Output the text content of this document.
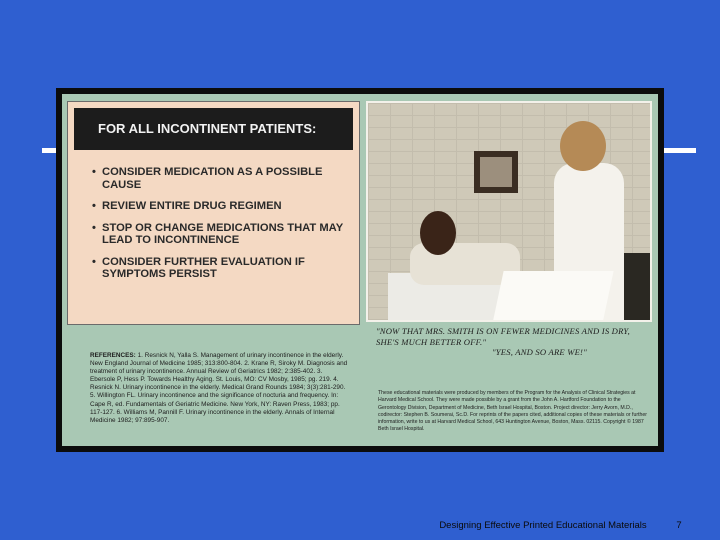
FOR ALL INCONTINENT PATIENTS:
• CONSIDER MEDICATION AS A POSSIBLE CAUSE
• REVIEW ENTIRE DRUG REGIMEN
• STOP OR CHANGE MEDICATIONS THAT MAY LEAD TO INCONTINENCE
• CONSIDER FURTHER EVALUATION IF SYMPTOMS PERSIST
"NOW THAT MRS. SMITH IS ON FEWER MEDICINES AND IS DRY, SHE'S MUCH BETTER OFF."
"YES, AND SO ARE WE!"
REFERENCES: 1. Resnick N, Yalla S. Management of urinary incontinence in the elderly. New England Journal of Medicine 1985; 313:800-804. 2. Krane R, Siroky M. Diagnosis and treatment of urinary incontinence. Annual Review of Geriatrics 1982; 2:385-402. 3. Ebersole P, Hess P. Towards Healthy Aging. St. Louis, MO: CV Mosby, 1985; pg. 219. 4. Resnick N. Urinary incontinence in the elderly. Medical Grand Rounds 1984; 3(3):281-290. 5. Willington FL. Urinary incontinence and the significance of nocturia and frequency. In: Cape R, ed. Fundamentals of Geriatric Medicine. New York, NY: Raven Press, 1983; pp. 117-127. 6. Williams M, Pannill F. Urinary incontinence in the elderly. Annals of Internal Medicine 1982; 97:895-907.
These educational materials were produced by members of the Program for the Analysis of Clinical Strategies at Harvard Medical School. They were made possible by a grant from the John A. Hartford Foundation to the Gerontology Division, Department of Medicine, Beth Israel Hospital, Boston. Project director: Jerry Avorn, M.D., codirector: Stephen B. Soumerai, Sc.D. For reprints of the papers cited, additional copies of these materials or further information, write to us at Harvard Medical School, 643 Huntington Avenue, Boston, Mass. 02115. Copyright © 1987 Beth Israel Hospital.
Designing Effective Printed Educational Materials	7
